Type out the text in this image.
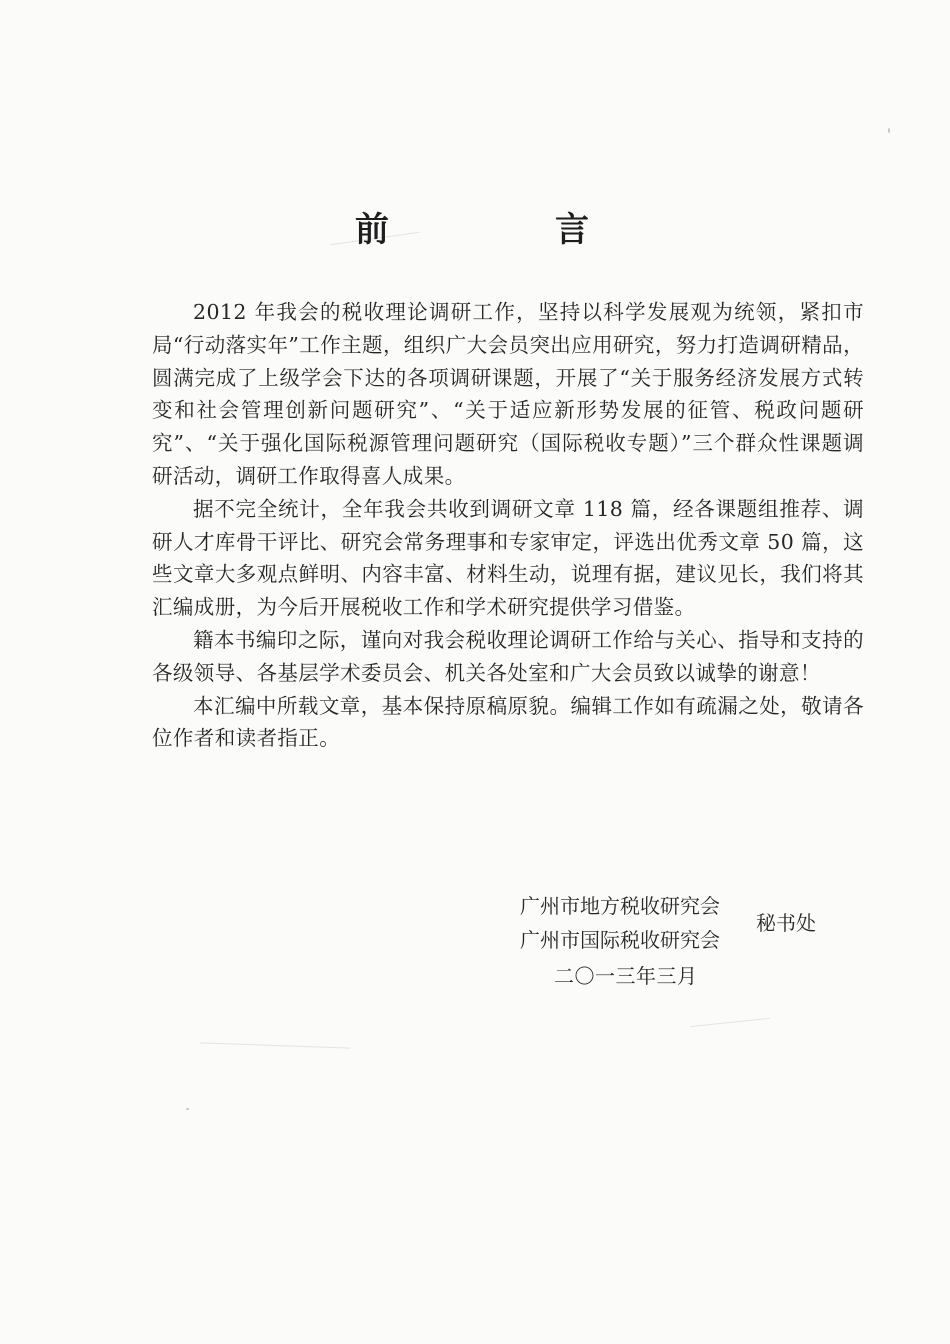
前　言

2012 年我会的税收理论调研工作，坚持以科学发展观为统领，紧扣市局“行动落实年”工作主题，组织广大会员突出应用研究，努力打造调研精品，圆满完成了上级学会下达的各项调研课题，开展了“关于服务经济发展方式转变和社会管理创新问题研究”、“关于适应新形势发展的征管、税政问题研究”、“关于强化国际税源管理问题研究（国际税收专题）”三个群众性课题调研活动，调研工作取得喜人成果。

据不完全统计，全年我会共收到调研文章 118 篇，经各课题组推荐、调研人才库骨干评比、研究会常务理事和专家审定，评选出优秀文章 50 篇，这些文章大多观点鲜明、内容丰富、材料生动，说理有据，建议见长，我们将其汇编成册，为今后开展税收工作和学术研究提供学习借鉴。

籍本书编印之际，谨向对我会税收理论调研工作给与关心、指导和支持的各级领导、各基层学术委员会、机关各处室和广大会员致以诚挚的谢意！

本汇编中所载文章，基本保持原稿原貌。编辑工作如有疏漏之处，敬请各位作者和读者指正。

广州市地方税收研究会
广州市国际税收研究会
秘书处
二〇一三年三月
